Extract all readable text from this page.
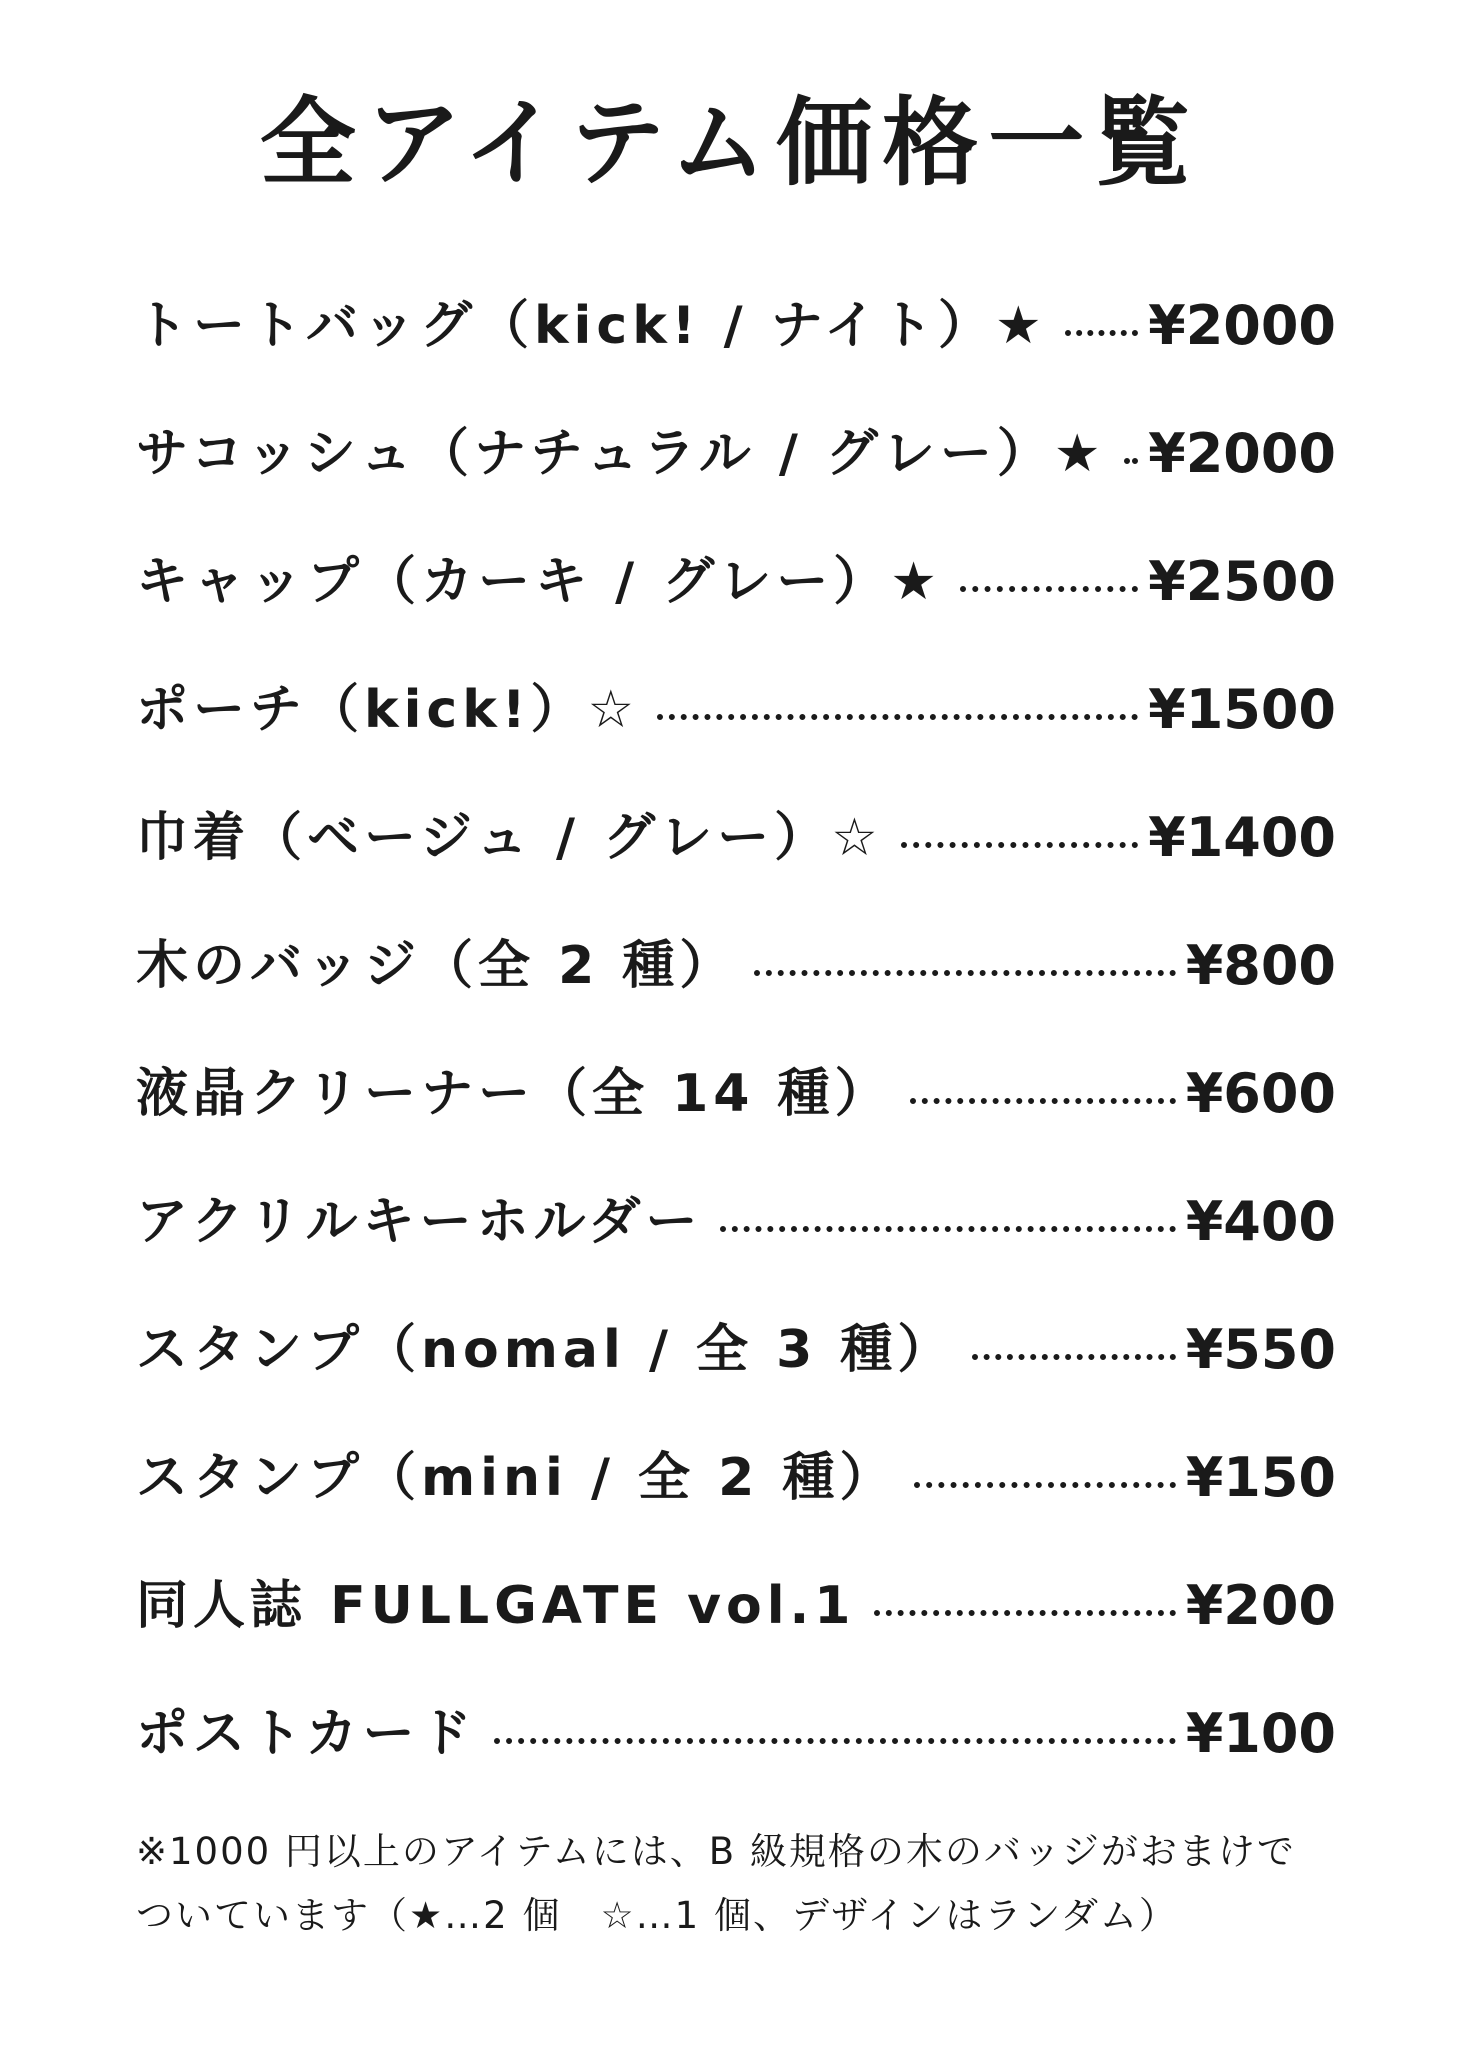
全アイテム価格一覧
トートバッグ（kick! / ナイト）★ ¥2000
サコッシュ（ナチュラル / グレー）★ ¥2000
キャップ（カーキ / グレー）★	¥2500
ポーチ（kick!）☆	¥1500
巾着（ベージュ / グレー）☆	¥1400
木のバッジ（全 2 種）	¥800
液晶クリーナー（全 14 種）	¥600
アクリルキーホルダー	¥400
スタンプ（nomal / 全 3 種）	¥550
スタンプ（mini / 全 2 種）	¥150
同人誌 FULLGATE vol.1	¥200
ポストカード	¥100
※1000 円以上のアイテムには、B 級規格の木のバッジがおまけで
ついています（★…2 個　☆…1 個、デザインはランダム）
